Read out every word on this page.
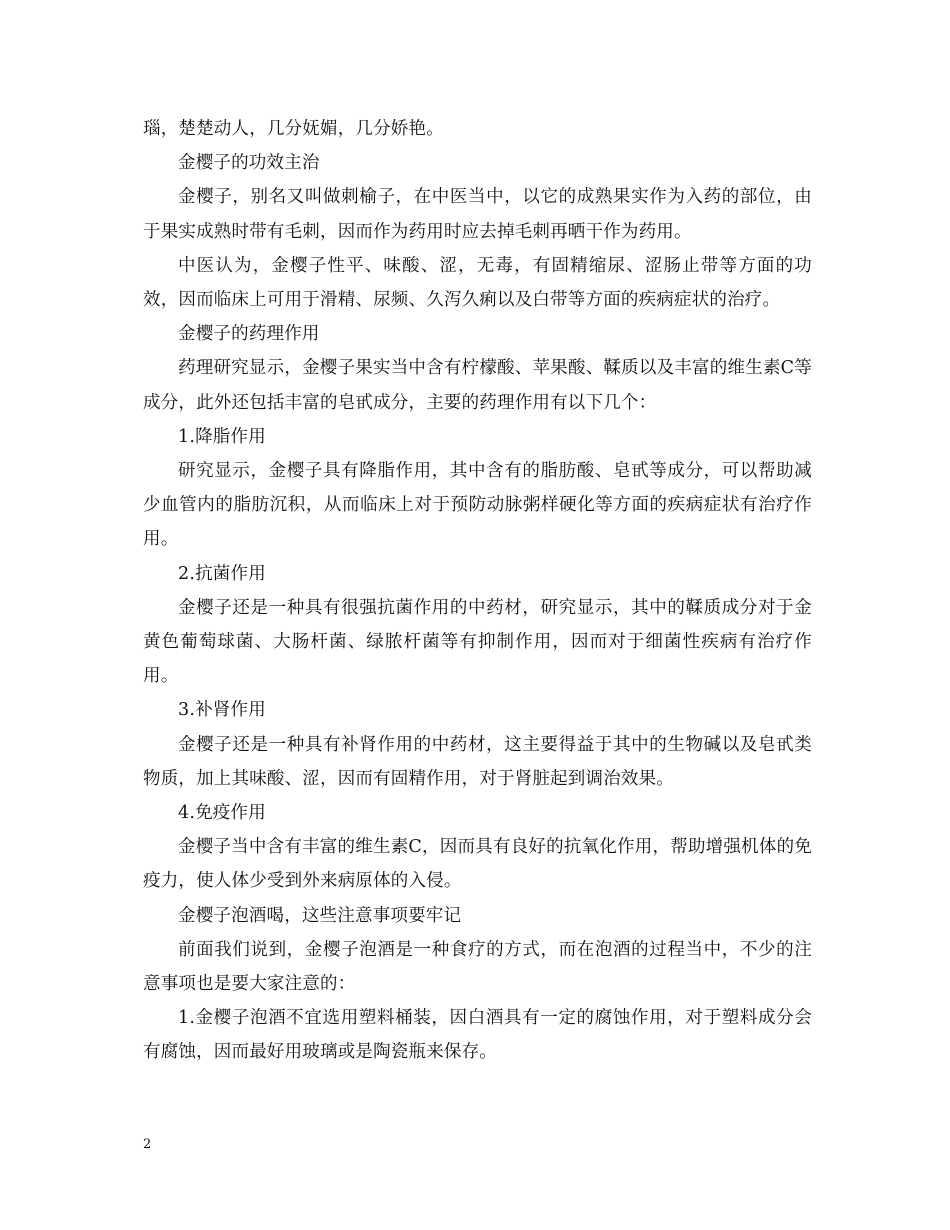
瑙，楚楚动人，几分妩媚，几分娇艳。

金樱子的功效主治

金樱子，别名又叫做刺榆子，在中医当中，以它的成熟果实作为入药的部位，由于果实成熟时带有毛刺，因而作为药用时应去掉毛刺再晒干作为药用。

中医认为，金樱子性平、味酸、涩，无毒，有固精缩尿、涩肠止带等方面的功效，因而临床上可用于滑精、尿频、久泻久痢以及白带等方面的疾病症状的治疗。

金樱子的药理作用

药理研究显示，金樱子果实当中含有柠檬酸、苹果酸、鞣质以及丰富的维生素C等成分，此外还包括丰富的皂甙成分，主要的药理作用有以下几个：

1.降脂作用

研究显示，金樱子具有降脂作用，其中含有的脂肪酸、皂甙等成分，可以帮助减少血管内的脂肪沉积，从而临床上对于预防动脉粥样硬化等方面的疾病症状有治疗作用。

2.抗菌作用

金樱子还是一种具有很强抗菌作用的中药材，研究显示，其中的鞣质成分对于金黄色葡萄球菌、大肠杆菌、绿脓杆菌等有抑制作用，因而对于细菌性疾病有治疗作用。

3.补肾作用

金樱子还是一种具有补肾作用的中药材，这主要得益于其中的生物碱以及皂甙类物质，加上其味酸、涩，因而有固精作用，对于肾脏起到调治效果。

4.免疫作用

金樱子当中含有丰富的维生素C，因而具有良好的抗氧化作用，帮助增强机体的免疫力，使人体少受到外来病原体的入侵。

金樱子泡酒喝，这些注意事项要牢记

前面我们说到，金樱子泡酒是一种食疗的方式，而在泡酒的过程当中，不少的注意事项也是要大家注意的：

1.金樱子泡酒不宜选用塑料桶装，因白酒具有一定的腐蚀作用，对于塑料成分会有腐蚀，因而最好用玻璃或是陶瓷瓶来保存。

2
